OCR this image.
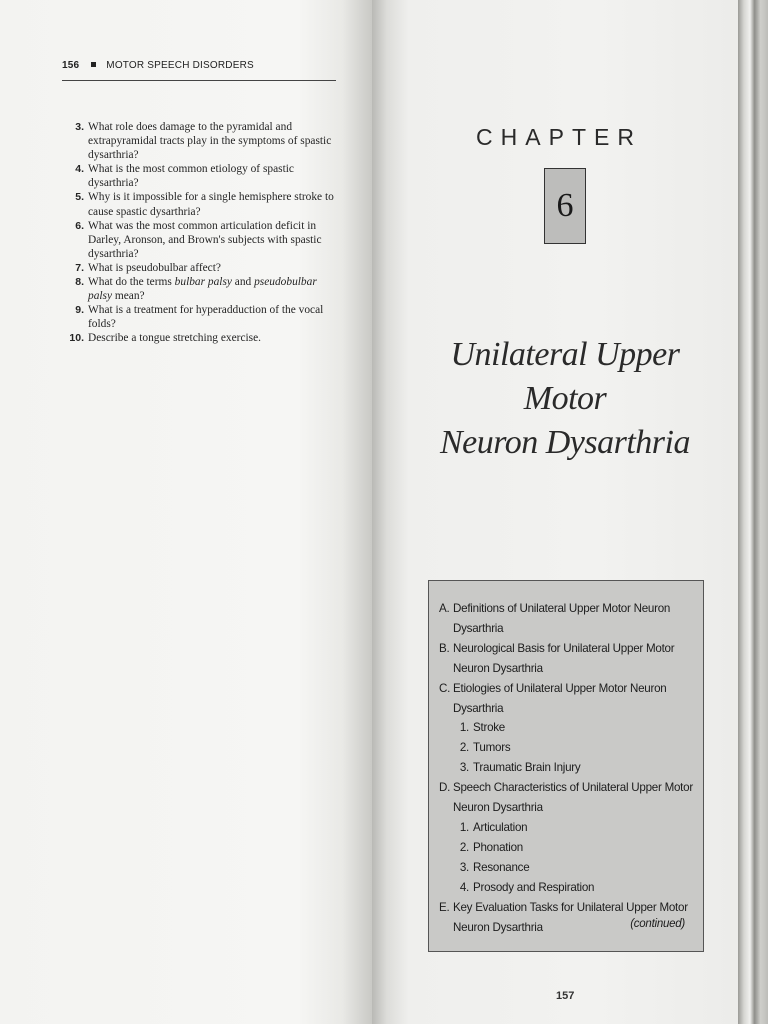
156	MOTOR SPEECH DISORDERS
3. What role does damage to the pyramidal and extrapyramidal tracts play in the symptoms of spastic dysarthria?
4. What is the most common etiology of spastic dysarthria?
5. Why is it impossible for a single hemisphere stroke to cause spastic dysarthria?
6. What was the most common articulation deficit in Darley, Aronson, and Brown's subjects with spastic dysarthria?
7. What is pseudobulbar affect?
8. What do the terms bulbar palsy and pseudobulbar palsy mean?
9. What is a treatment for hyperadduction of the vocal folds?
10. Describe a tongue stretching exercise.
CHAPTER
6
Unilateral Upper Motor
Neuron Dysarthria
A. Definitions of Unilateral Upper Motor Neuron Dysarthria
B. Neurological Basis for Unilateral Upper Motor Neuron Dysarthria
C. Etiologies of Unilateral Upper Motor Neuron Dysarthria
1. Stroke
2. Tumors
3. Traumatic Brain Injury
D. Speech Characteristics of Unilateral Upper Motor Neuron Dysarthria
1. Articulation
2. Phonation
3. Resonance
4. Prosody and Respiration
E. Key Evaluation Tasks for Unilateral Upper Motor Neuron Dysarthria	(continued)
157
